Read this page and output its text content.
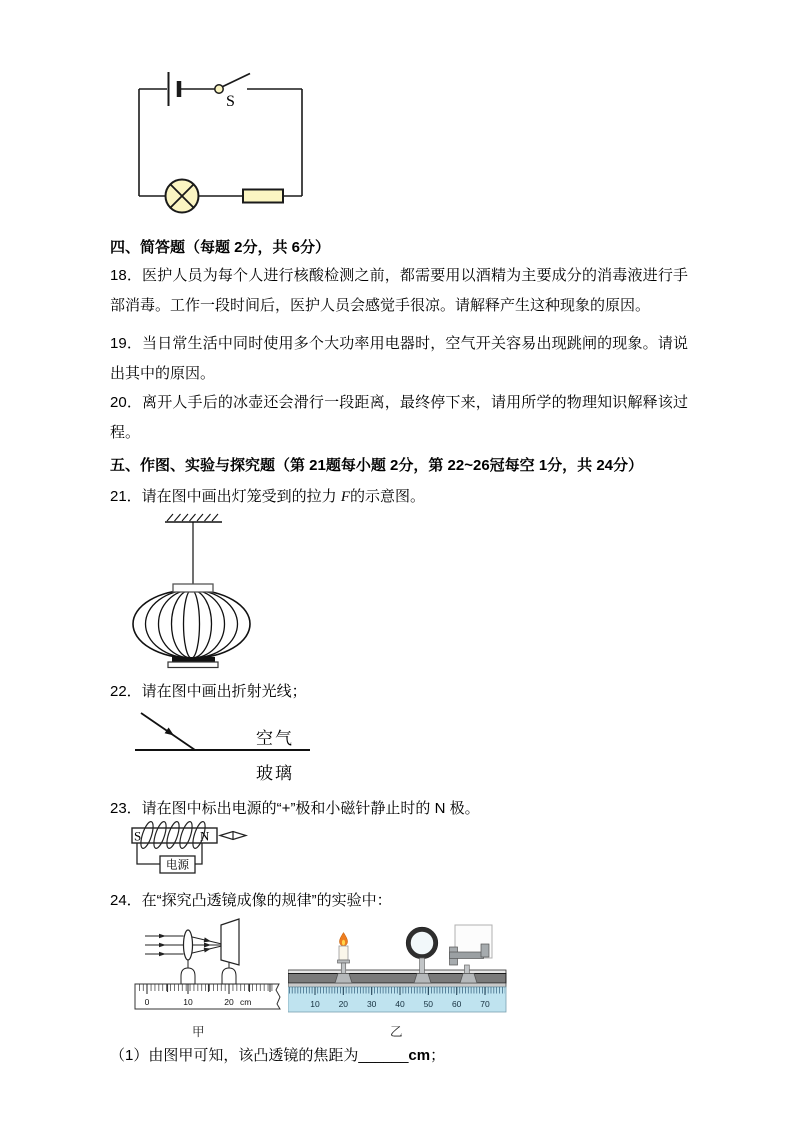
S
四、简答题（每题 2分，共 6分）
18．医护人员为每个人进行核酸检测之前，都需要用以酒精为主要成分的消毒液进行手部消毒。工作一段时间后，医护人员会感觉手很凉。请解释产生这种现象的原因。
19．当日常生活中同时使用多个大功率用电器时，空气开关容易出现跳闸的现象。请说出其中的原因。
20．离开人手后的冰壶还会滑行一段距离，最终停下来，请用所学的物理知识解释该过程。
五、作图、实验与探究题（第 21题每小题 2分，第 22~26冠每空 1分，共 24分）
21．请在图中画出灯笼受到的拉力 F的示意图。
22．请在图中画出折射光线；
空气
玻璃
23．请在图中标出电源的“+”极和小磁针静止时的 N 极。
S	N
电源
24．在“探究凸透镜成像的规律”的实验中：
0	10	20 cm	10 20 30 40 50 60 70
甲	乙
（1）由图甲可知，该凸透镜的焦距为______cm；
